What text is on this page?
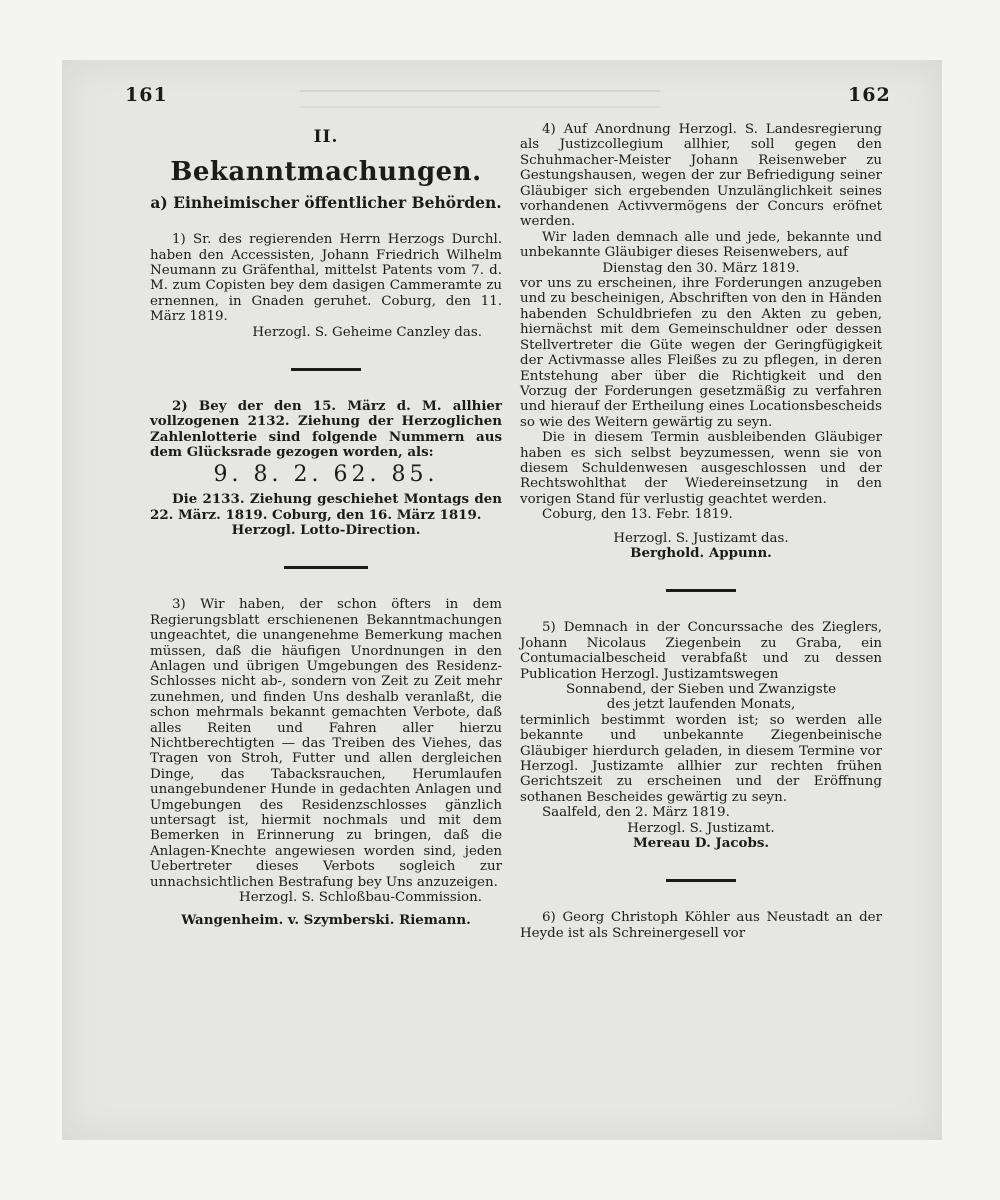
161	162
II.
Bekanntmachungen.
a) Einheimischer öffentlicher Behörden.

1) Sr. des regierenden Herrn Herzogs Durchl. haben den Accessisten, Johann Friedrich Wilhelm Neumann zu Gräfenthal, mittelst Patents vom 7. d. M. zum Copisten bey dem dasigen Cammeramte zu ernennen, in Gnaden geruhet. Coburg, den 11. März 1819.

Herzogl. S. Geheime Canzley das.

2) Bey der den 15. März d. M. allhier vollzogenen 2132. Ziehung der Herzoglichen Zahlenlotterie sind folgende Nummern aus dem Glücksrade gezogen worden, als:

9. 8. 2. 62. 85.

Die 2133. Ziehung geschiehet Montags den 22. März. 1819. Coburg, den 16. März 1819.

Herzogl. Lotto-Direction.

3) Wir haben, der schon öfters in dem Regierungsblatt erschienenen Bekanntmachungen ungeachtet, die unangenehme Bemerkung machen müssen, daß die häufigen Unordnungen in den Anlagen und übrigen Umgebungen des Residenz-Schlosses nicht ab-, sondern von Zeit zu Zeit mehr zunehmen, und finden Uns deshalb veranlaßt, die schon mehrmals bekannt gemachten Verbote, daß alles Reiten und Fahren aller hierzu Nichtberechtigten — das Treiben des Viehes, das Tragen von Stroh, Futter und allen dergleichen Dinge, das Tabacksrauchen, Herumlaufen unangebundener Hunde in gedachten Anlagen und Umgebungen des Residenzschlosses gänzlich untersagt ist, hiermit nochmals und mit dem Bemerken in Erinnerung zu bringen, daß die Anlagen-Knechte angewiesen worden sind, jeden Uebertreter dieses Verbots sogleich zur unnachsichtlichen Bestrafung bey Uns anzuzeigen.

Herzogl. S. Schloßbau-Commission.

Wangenheim. v. Szymberski. Riemann.

4) Auf Anordnung Herzogl. S. Landesregierung als Justizcollegium allhier, soll gegen den Schuhmacher-Meister Johann Reisenweber zu Gestungshausen, wegen der zur Befriedigung seiner Gläubiger sich ergebenden Unzulänglichkeit seines vorhandenen Activvermögens der Concurs eröfnet werden.

Wir laden demnach alle und jede, bekannte und unbekannte Gläubiger dieses Reisenwebers, auf

Dienstag den 30. März 1819.

vor uns zu erscheinen, ihre Forderungen anzugeben und zu bescheinigen, Abschriften von den in Händen habenden Schuldbriefen zu den Akten zu geben, hiernächst mit dem Gemeinschuldner oder dessen Stellvertreter die Güte wegen der Geringfügigkeit der Activmasse alles Fleißes zu zu pflegen, in deren Entstehung aber über die Richtigkeit und den Vorzug der Forderungen gesetzmäßig zu verfahren und hierauf der Ertheilung eines Locationsbescheids so wie des Weitern gewärtig zu seyn.

Die in diesem Termin ausbleibenden Gläubiger haben es sich selbst beyzumessen, wenn sie von diesem Schuldenwesen ausgeschlossen und der Rechtswohlthat der Wiedereinsetzung in den vorigen Stand für verlustig geachtet werden.

Coburg, den 13. Febr. 1819.

Herzogl. S. Justizamt das.

Berghold. Appunn.

5) Demnach in der Concurssache des Zieglers, Johann Nicolaus Ziegenbein zu Graba, ein Contumacialbescheid verabfaßt und zu dessen Publication Herzogl. Justizamtswegen

Sonnabend, der Sieben und Zwanzigste

des jetzt laufenden Monats,

terminlich bestimmt worden ist; so werden alle bekannte und unbekannte Ziegenbeinische Gläubiger hierdurch geladen, in diesem Termine vor Herzogl. Justizamte allhier zur rechten frühen Gerichtszeit zu erscheinen und der Eröffnung sothanen Bescheides gewärtig zu seyn.

Saalfeld, den 2. März 1819.

Herzogl. S. Justizamt.

Mereau D. Jacobs.

6) Georg Christoph Köhler aus Neustadt an der Heyde ist als Schreinergesell vor
